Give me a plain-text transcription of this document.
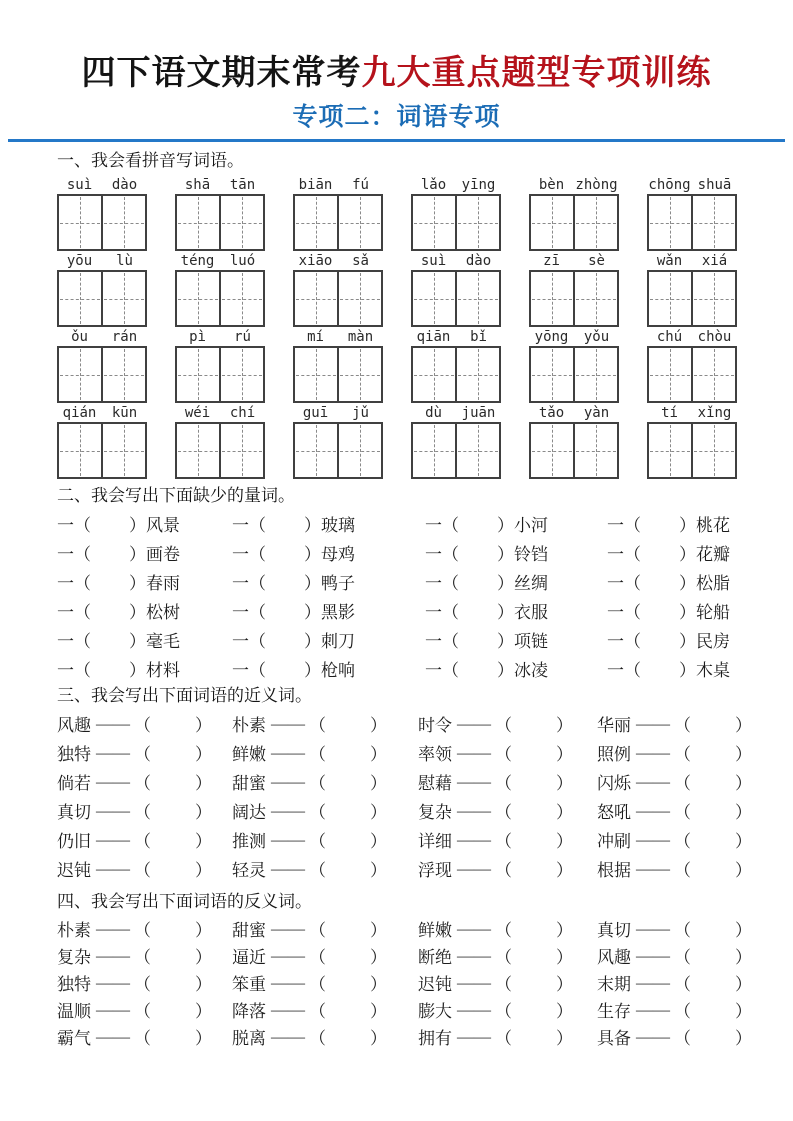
四下语文期末常考九大重点题型专项训练
专项二：词语专项
一、我会看拼音写词语。
suì	dào	shā	tān	biān	fú	lǎo	yīng	bèn zhòng chōng shuā
yōu	lù	téng	luó	xiāo	sǎ	suì	dào	zī	sè	wǎn	xiá
ǒu	rán	pì	rú	mí	màn	qiān	bǐ	yōng	yǒu	chú	chòu
qián	kūn	wéi	chí	guī	jǔ	dù	juān	tǎo	yàn	tí	xǐng
二、我会写出下面缺少的量词。
一（ ） 风景	一（ ） 玻璃	一（ ） 小河	一（ ） 桃花
一（ ） 画卷	一（ ） 母鸡	一（ ） 铃铛	一（ ） 花瓣
一（ ） 春雨	一（ ） 鸭子	一（ ） 丝绸	一（ ） 松脂
一（ ） 松树	一（ ） 黑影	一（ ） 衣服	一（ ） 轮船
一（ ） 毫毛	一（ ） 刺刀	一（ ） 项链	一（ ） 民房
一（ ） 材料	一（ ） 枪响	一（ ） 冰凌	一（ ） 木桌
三、我会写出下面词语的近义词。
风趣 —— （	） 朴素 —— （	） 时令 —— （	） 华丽 —— （	）
独特 —— （	） 鲜嫩 —— （	） 率领 —— （	） 照例 —— （	）
倘若 —— （	） 甜蜜 —— （	） 慰藉 —— （	） 闪烁 —— （	）
真切 —— （	） 阔达 —— （	） 复杂 —— （	） 怒吼 —— （	）
仍旧 —— （	） 推测 —— （	） 详细 —— （	） 冲刷 —— （	）
迟钝 —— （	） 轻灵 —— （	） 浮现 —— （	） 根据 —— （	）
四、我会写出下面词语的反义词。
朴素 —— （	） 甜蜜 —— （	） 鲜嫩 —— （	） 真切 —— （	）
复杂 —— （	） 逼近 —— （	） 断绝 —— （	） 风趣 —— （	）
独特 —— （	） 笨重 —— （	） 迟钝 —— （	） 末期 —— （	）
温顺 —— （	） 降落 —— （	） 膨大 —— （	） 生存 —— （	）
霸气 —— （	） 脱离 —— （	） 拥有 —— （	） 具备 —— （	）
